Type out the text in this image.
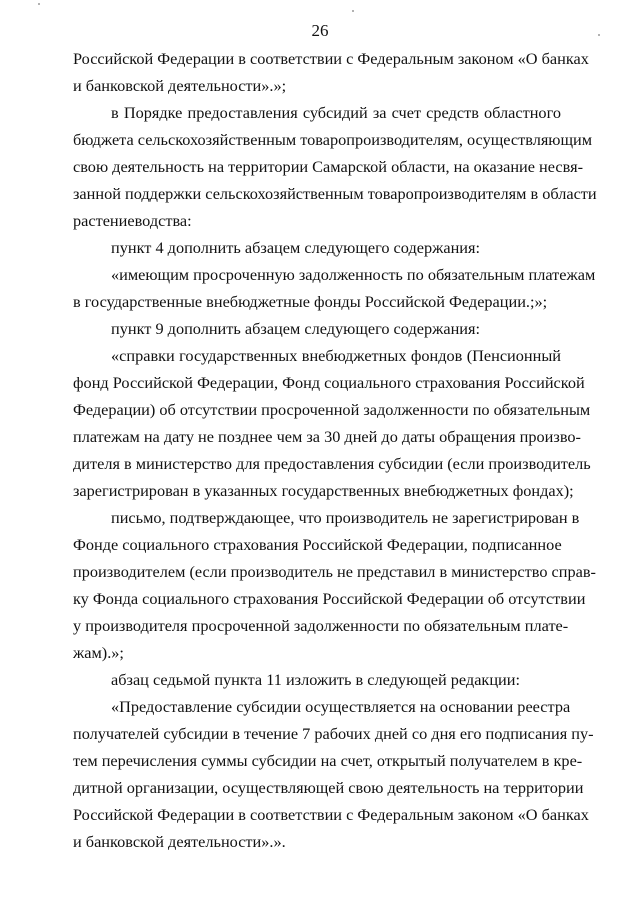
26
Российской Федерации в соответствии с Федеральным законом «О банках
и банковской деятельности».»;
в Порядке предоставления субсидий за счет средств областного
бюджета сельскохозяйственным товаропроизводителям, осуществляющим
свою деятельность на территории Самарской области, на оказание несвя-
занной поддержки сельскохозяйственным товаропроизводителям в области
растениеводства:
пункт 4 дополнить абзацем следующего содержания:
«имеющим просроченную задолженность по обязательным платежам
в государственные внебюджетные фонды Российской Федерации.;»;
пункт 9 дополнить абзацем следующего содержания:
«справки государственных внебюджетных фондов (Пенсионный
фонд Российской Федерации, Фонд социального страхования Российской
Федерации) об отсутствии просроченной задолженности по обязательным
платежам на дату не позднее чем за 30 дней до даты обращения произво-
дителя в министерство для предоставления субсидии (если производитель
зарегистрирован в указанных государственных внебюджетных фондах);
письмо, подтверждающее, что производитель не зарегистрирован в
Фонде социального страхования Российской Федерации, подписанное
производителем (если производитель не представил в министерство справ-
ку Фонда социального страхования Российской Федерации об отсутствии
у производителя просроченной задолженности по обязательным плате-
жам).»;
абзац седьмой пункта 11 изложить в следующей редакции:
«Предоставление субсидии осуществляется на основании реестра
получателей субсидии в течение 7 рабочих дней со дня его подписания пу-
тем перечисления суммы субсидии на счет, открытый получателем в кре-
дитной организации, осуществляющей свою деятельность на территории
Российской Федерации в соответствии с Федеральным законом «О банках
и банковской деятельности».».
